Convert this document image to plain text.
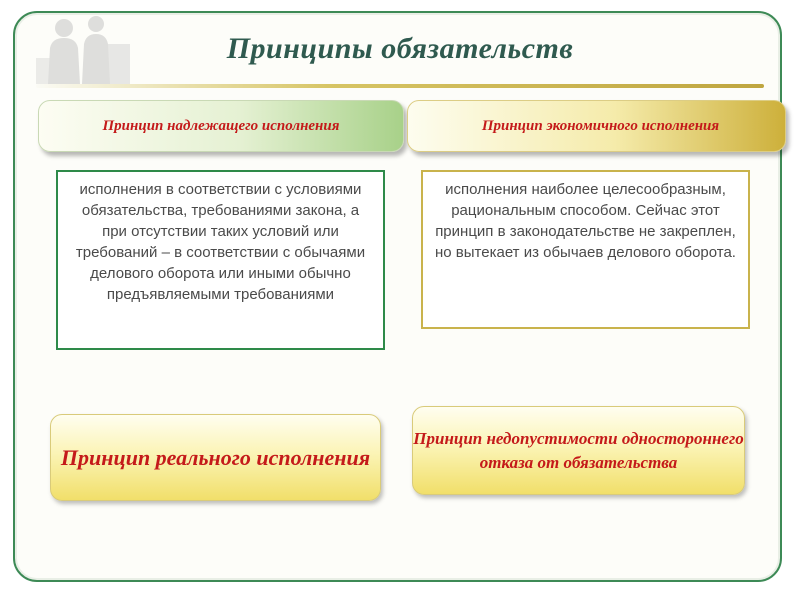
Принципы обязательств
Принцип надлежащего исполнения	Принцип экономичного исполнения
исполнения в соответствии с условиями обязательства, требованиями закона, а при отсутствии таких условий или требований – в соответствии с обычаями делового оборота или иными обычно предъявляемыми требованиями
исполнения наиболее целесообразным, рациональным способом. Сейчас этот принцип в законодательстве не закреплен, но вытекает из обычаев делового оборота.
Принцип реального исполнения
Принцип недопустимости одностороннего отказа от обязательства
